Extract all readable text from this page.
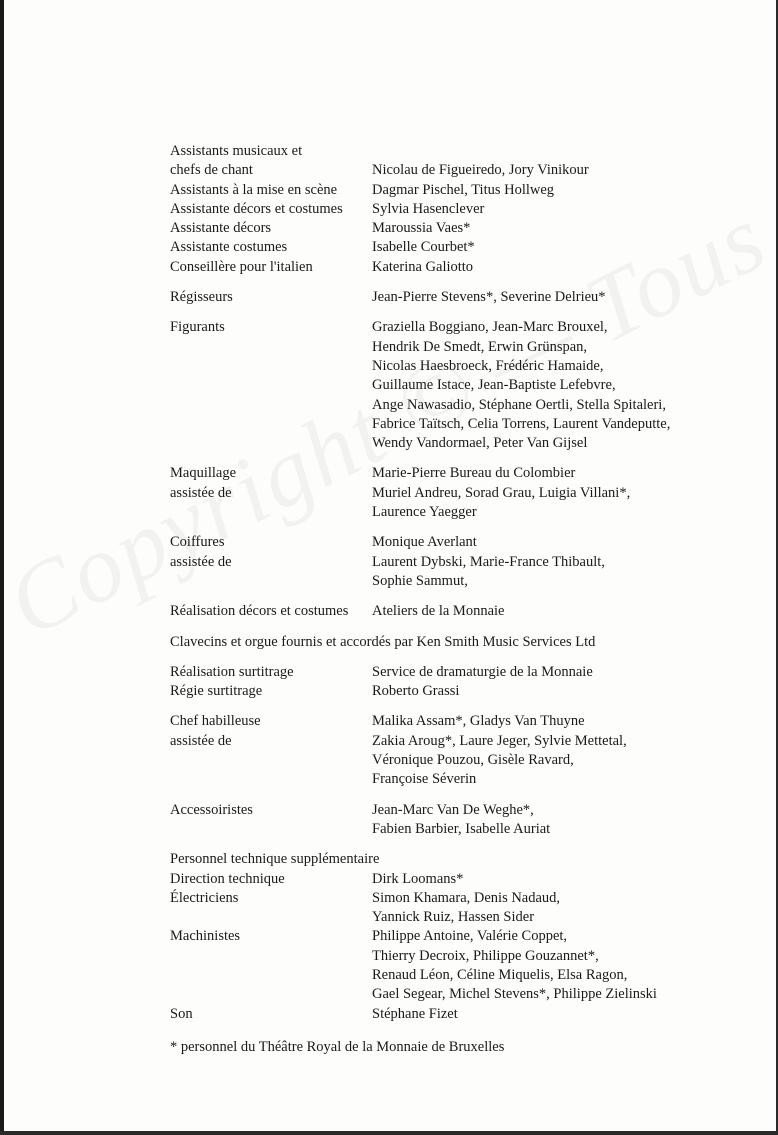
Assistants musicaux et
chefs de chant	Nicolau de Figueiredo, Jory Vinikour
Assistants à la mise en scène	Dagmar Pischel, Titus Hollweg
Assistante décors et costumes	Sylvia Hasenclever
Assistante décors	Maroussia Vaes*
Assistante costumes	Isabelle Courbet*
Conseillère pour l'italien	Katerina Galiotto
Régisseurs	Jean-Pierre Stevens*, Severine Delrieu*
Figurants	Graziella Boggiano, Jean-Marc Brouxel,
Hendrik De Smedt, Erwin Grünspan,
Nicolas Haesbroeck, Frédéric Hamaide,
Guillaume Istace, Jean-Baptiste Lefebvre,
Ange Nawasadio, Stéphane Oertli, Stella Spitaleri,
Fabrice Taïtsch, Celia Torrens, Laurent Vandeputte,
Wendy Vandormael, Peter Van Gijsel
Maquillage	Marie-Pierre Bureau du Colombier
assistée de	Muriel Andreu, Sorad Grau, Luigia Villani*,
Laurence Yaegger
Coiffures	Monique Averlant
assistée de	Laurent Dybski, Marie-France Thibault,
Sophie Sammut,
Réalisation décors et costumes	Ateliers de la Monnaie
Clavecins et orgue fournis et accordés par Ken Smith Music Services Ltd
Réalisation surtitrage	Service de dramaturgie de la Monnaie
Régie surtitrage	Roberto Grassi
Chef habilleuse	Malika Assam*, Gladys Van Thuyne
assistée de	Zakia Aroug*, Laure Jeger, Sylvie Mettetal,
Véronique Pouzou, Gisèle Ravard,
Françoise Séverin
Accessoiristes	Jean-Marc Van De Weghe*,
Fabien Barbier, Isabelle Auriat
Personnel technique supplémentaire
Direction technique	Dirk Loomans*
Électriciens	Simon Khamara, Denis Nadaud,
Yannick Ruiz, Hassen Sider
Machinistes	Philippe Antoine, Valérie Coppet,
Thierry Decroix, Philippe Gouzannet*,
Renaud Léon, Céline Miquelis, Elsa Ragon,
Gael Segear, Michel Stevens*, Philippe Zielinski
Son	Stéphane Fizet
* personnel du Théâtre Royal de la Monnaie de Bruxelles
